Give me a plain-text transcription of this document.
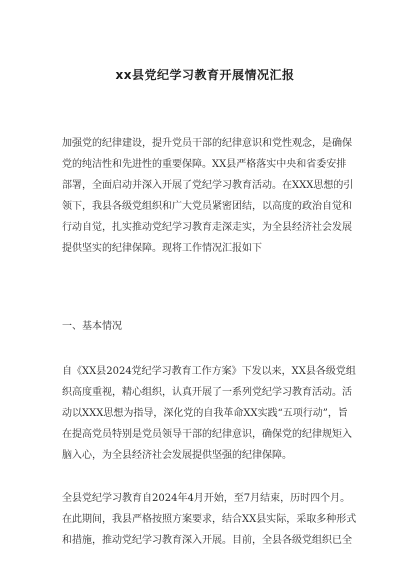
xx县党纪学习教育开展情况汇报
加强党的纪律建设，提升党员干部的纪律意识和党性观念，是确保
党的纯洁性和先进性的重要保障。XX县严格落实中央和省委安排
部署，全面启动并深入开展了党纪学习教育活动。在XXX思想的引
领下，我县各级党组织和广大党员紧密团结，以高度的政治自觉和
行动自觉，扎实推动党纪学习教育走深走实，为全县经济社会发展
提供坚实的纪律保障。现将工作情况汇报如下
一、基本情况
自《XX县2024党纪学习教育工作方案》下发以来，XX县各级党组
织高度重视，精心组织，认真开展了一系列党纪学习教育活动。活
动以XXX思想为指导，深化党的自我革命XX实践“五项行动”，旨
在提高党员特别是党员领导干部的纪律意识，确保党的纪律规矩入
脑入心，为全县经济社会发展提供坚强的纪律保障。
全县党纪学习教育自2024年4月开始，至7月结束，历时四个月。
在此期间，我县严格按照方案要求，结合XX县实际，采取多种形式
和措施，推动党纪学习教育深入开展。目前，全县各级党组织已全
